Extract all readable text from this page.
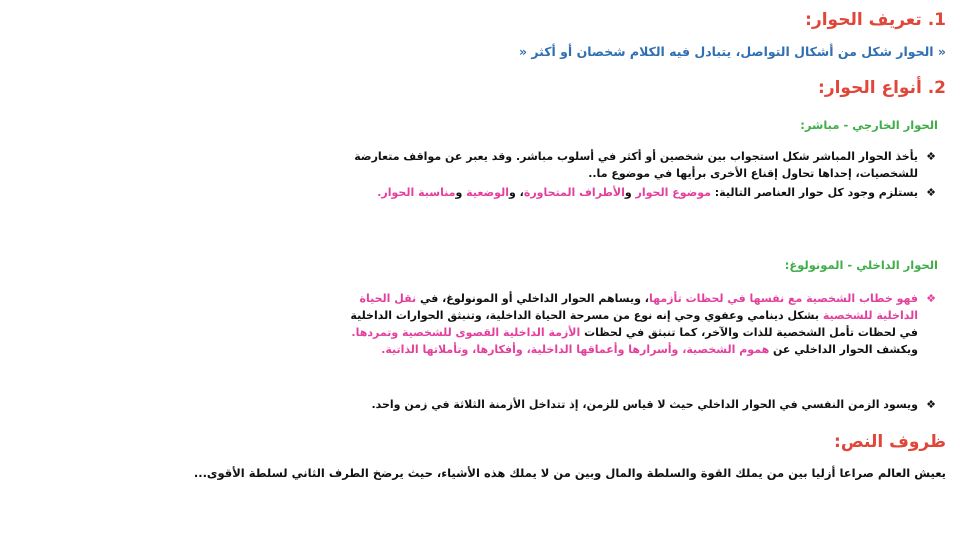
1. تعريف الحوار:
« الحوار شكل من أشكال التواصل، يتبادل فيه الكلام شخصان أو أكثر «
2. أنواع الحوار:
الحوار الخارجي - مباشر:
❖
يأخذ الحوار المباشر شكل استجواب بين شخصين أو أكثر في أسلوب مباشر. وقد يعبر عن مواقف متعارضة
للشخصيات، إحداها تحاول إقناع الأخرى برأيها في موضوع ما..
❖
يستلزم وجود كل حوار العناصر التالية: موضوع الحوار والأطراف المتحاورة، والوضعية ومناسبة الحوار.
الحوار الداخلي - المونولوغ:
❖
فهو خطاب الشخصية مع نفسها في لحظات تأزمها، ويساهم الحوار الداخلي أو المونولوغ، في نقل الحياة
الداخلية للشخصية بشكل دينامي وعفوي وحي إنه نوع من مسرحة الحياة الداخلية، وتنبثق الحوارات الداخلية
في لحظات تأمل الشخصية للذات والآخر، كما تنبثق في لحظات الأزمة الداخلية القصوى للشخصية وتمردها.
ويكشف الحوار الداخلي عن هموم الشخصية، وأسرارها وأعماقها الداخلية، وأفكارها، وتأملاتها الذاتية.
❖
ويسود الزمن النفسي في الحوار الداخلي حيث لا قياس للزمن، إذ تتداخل الأزمنة الثلاثة في زمن واحد.
ظروف النص:
يعيش العالم صراعا أزليا بين من يملك القوة والسلطة والمال وبين من لا يملك هذه الأشياء، حيث يرضخ الطرف الثاني لسلطة الأقوى...
